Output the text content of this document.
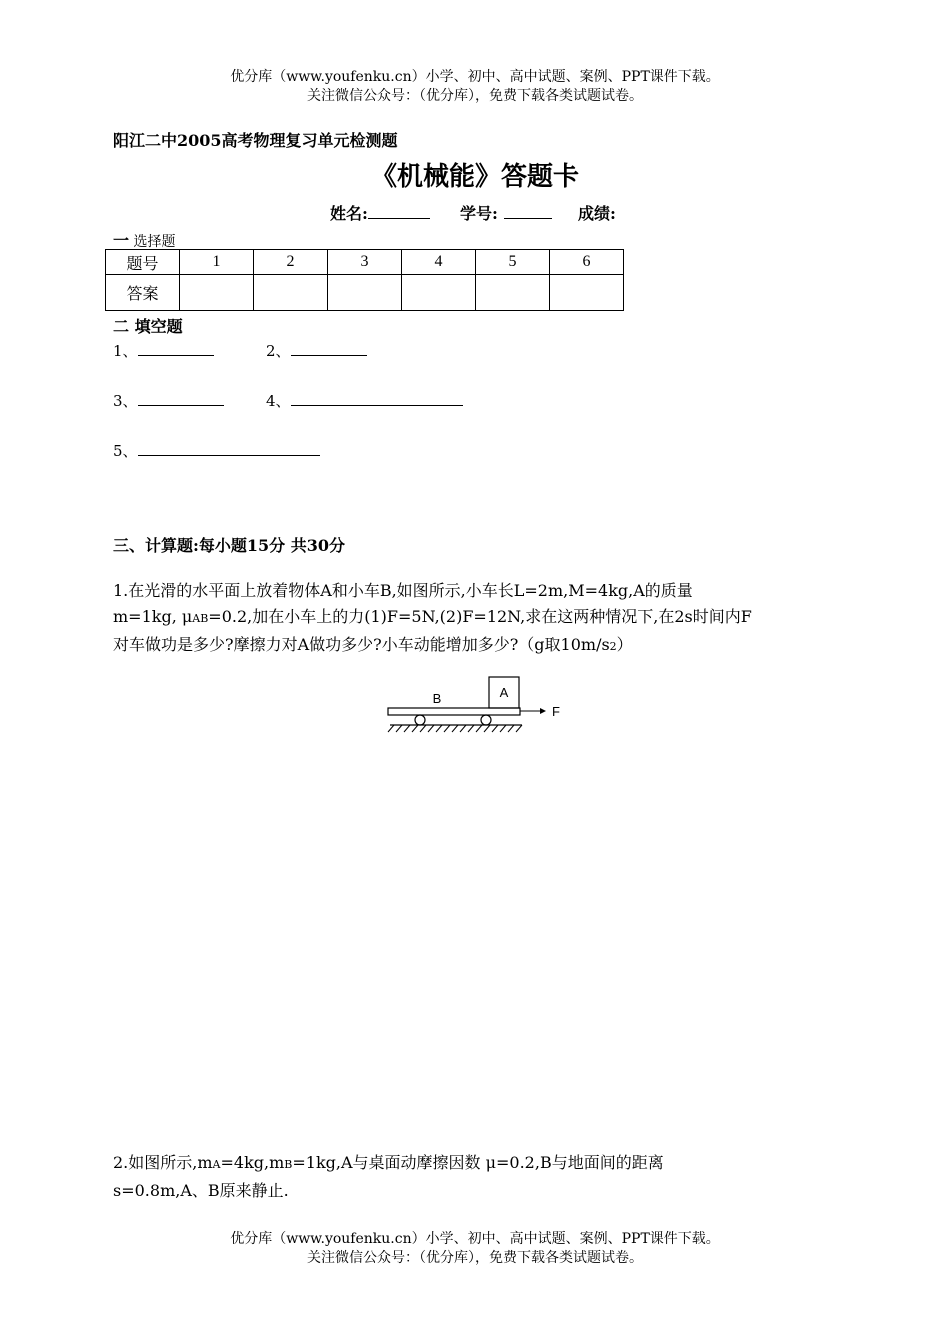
优分库（www.youfenku.cn）小学、初中、高中试题、案例、PPT课件下载。
关注微信公众号：（优分库），免费下载各类试题试卷。
阳江二中2005高考物理复习单元检测题
《机械能》答题卡
姓名:	学号:	成绩:
一 选择题
题号	1	2	3	4	5	6
答案						
二 填空题
1、	2、
3、	4、
5、
三、计算题:每小题15分 共30分
1.在光滑的水平面上放着物体A和小车B,如图所示,小车长L=2m,M=4kg,A的质量
m=1kg, μAB=0.2,加在小车上的力(1)F=5N,(2)F=12N,求在这两种情况下,在2s时间内F
对车做功是多少?摩擦力对A做功多少?小车动能增加多少?（g取10m/s2）
A
B
F
2.如图所示,mA=4kg,mB=1kg,A与桌面动摩擦因数 μ=0.2,B与地面间的距离
s=0.8m,A、B原来静止.
优分库（www.youfenku.cn）小学、初中、高中试题、案例、PPT课件下载。
关注微信公众号：（优分库），免费下载各类试题试卷。
